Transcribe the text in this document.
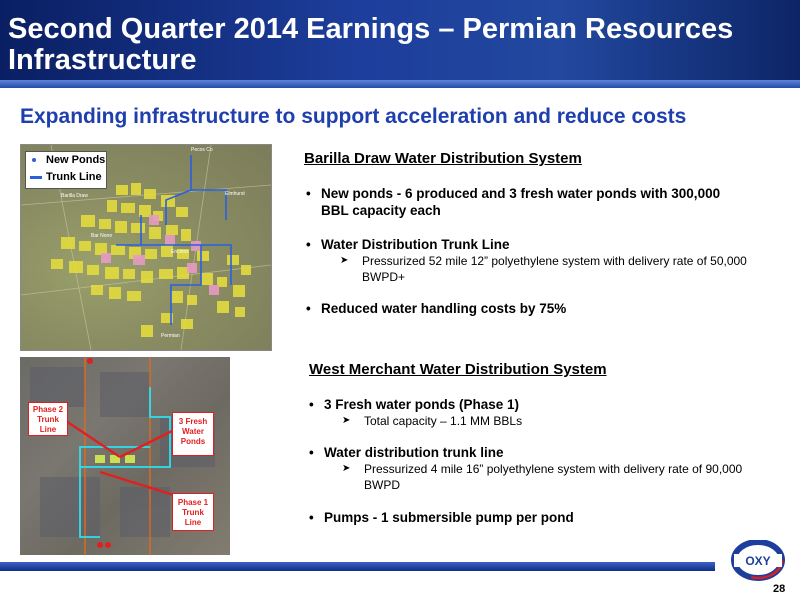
Second Quarter 2014 Earnings – Permian Resources Infrastructure
Expanding infrastructure to support acceleration and reduce costs
Pecos Co
Barilla Draw
Bar None
Encinos
Elmhurst
Permian
New Ponds
Trunk Line
Phase 2 Trunk Line
3 Fresh Water Ponds
Phase 1 Trunk Line
Barilla Draw Water Distribution System
• New ponds - 6 produced and 3 fresh water ponds with 300,000 BBL capacity each
• Water Distribution Trunk Line
➤ Pressurized 52 mile 12” polyethylene system with delivery rate of 50,000 BWPD+
• Reduced water handling costs by 75%
West Merchant Water Distribution System
• 3 Fresh water ponds (Phase 1)
➤ Total capacity – 1.1 MM BBLs
• Water distribution trunk line
➤ Pressurized 4 mile 16” polyethylene system with delivery rate of 90,000 BWPD
• Pumps - 1 submersible pump per pond
OXY
28
